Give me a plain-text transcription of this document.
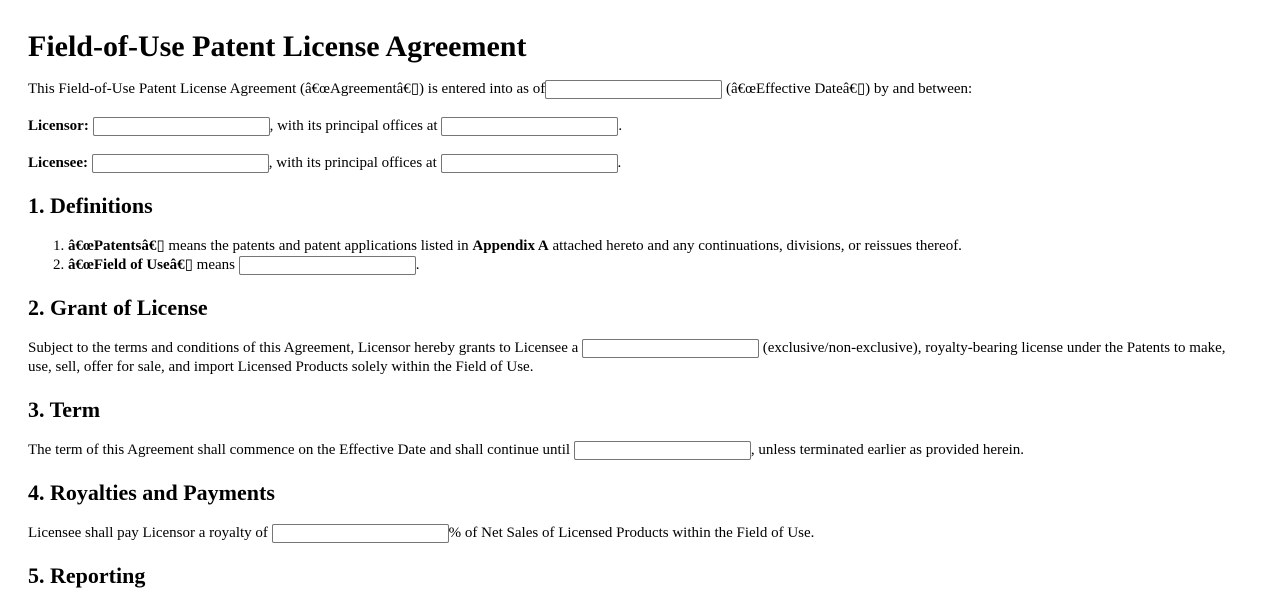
Field-of-Use Patent License Agreement

This Field-of-Use Patent License Agreement (â€œAgreementâ€▯) is entered into as of	(â€œEffective Dateâ€▯) by and between:

Licensor:	, with its principal offices at	.

Licensee:	, with its principal offices at	.

1. Definitions
1. â€œPatentsâ€▯ means the patents and patent applications listed in Appendix A attached hereto and any continuations, divisions, or reissues thereof.
2. â€œField of Useâ€▯ means	.
2. Grant of License

Subject to the terms and conditions of this Agreement, Licensor hereby grants to Licensee a	(exclusive/non-exclusive), royalty-bearing license under the Patents to make, use, sell, offer for sale, and import Licensed Products solely within the Field of Use.

3. Term

The term of this Agreement shall commence on the Effective Date and shall continue until	, unless terminated earlier as provided herein.

4. Royalties and Payments

Licensee shall pay Licensor a royalty of	% of Net Sales of Licensed Products within the Field of Use.

5. Reporting
